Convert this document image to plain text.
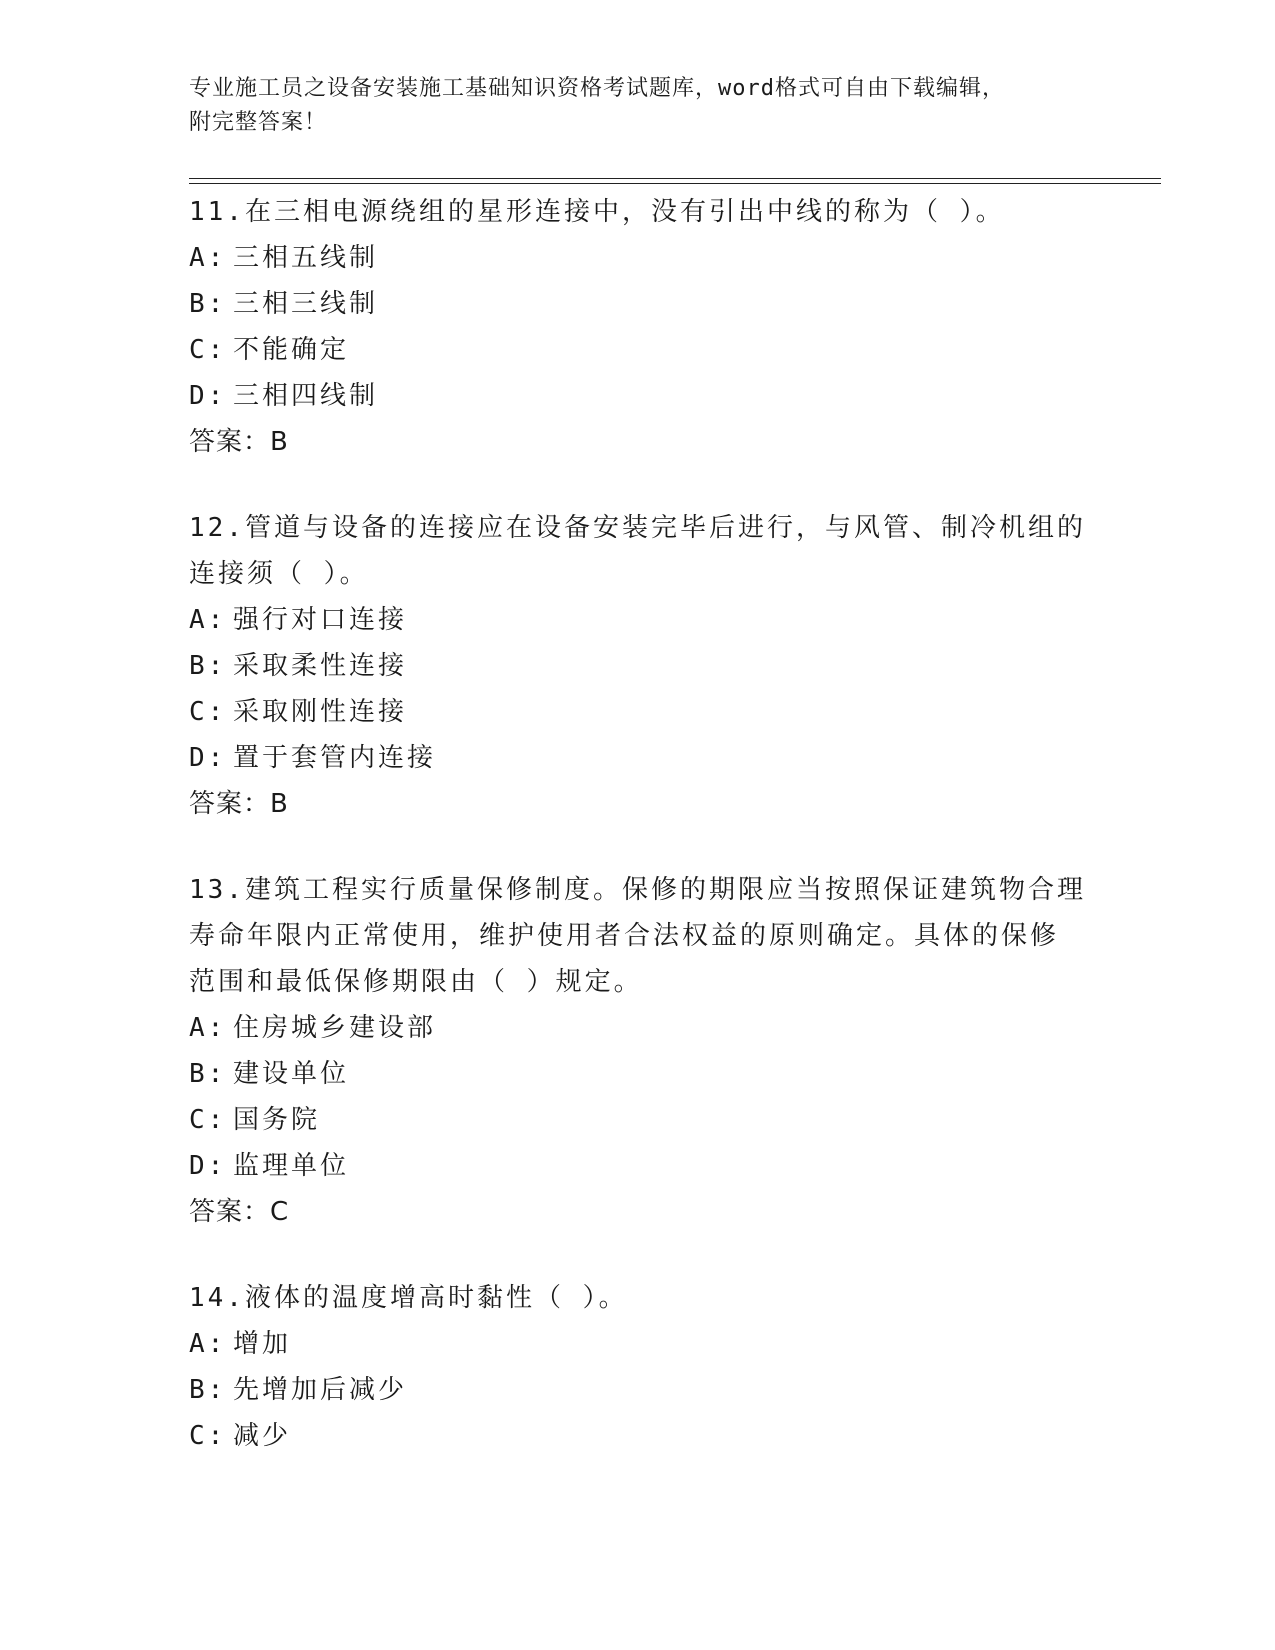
专业施工员之设备安装施工基础知识资格考试题库，word格式可自由下载编辑，
附完整答案！
11.在三相电源绕组的星形连接中，没有引出中线的称为（ ）。
A: 三相五线制
B: 三相三线制
C: 不能确定
D: 三相四线制
答案：B
12.管道与设备的连接应在设备安装完毕后进行，与风管、制冷机组的
连接须（ ）。
A: 强行对口连接
B: 采取柔性连接
C: 采取刚性连接
D: 置于套管内连接
答案：B
13.建筑工程实行质量保修制度。保修的期限应当按照保证建筑物合理
寿命年限内正常使用，维护使用者合法权益的原则确定。具体的保修
范围和最低保修期限由（ ）规定。
A: 住房城乡建设部
B: 建设单位
C: 国务院
D: 监理单位
答案：C
14.液体的温度增高时黏性（ ）。
A: 增加
B: 先增加后减少
C: 减少
